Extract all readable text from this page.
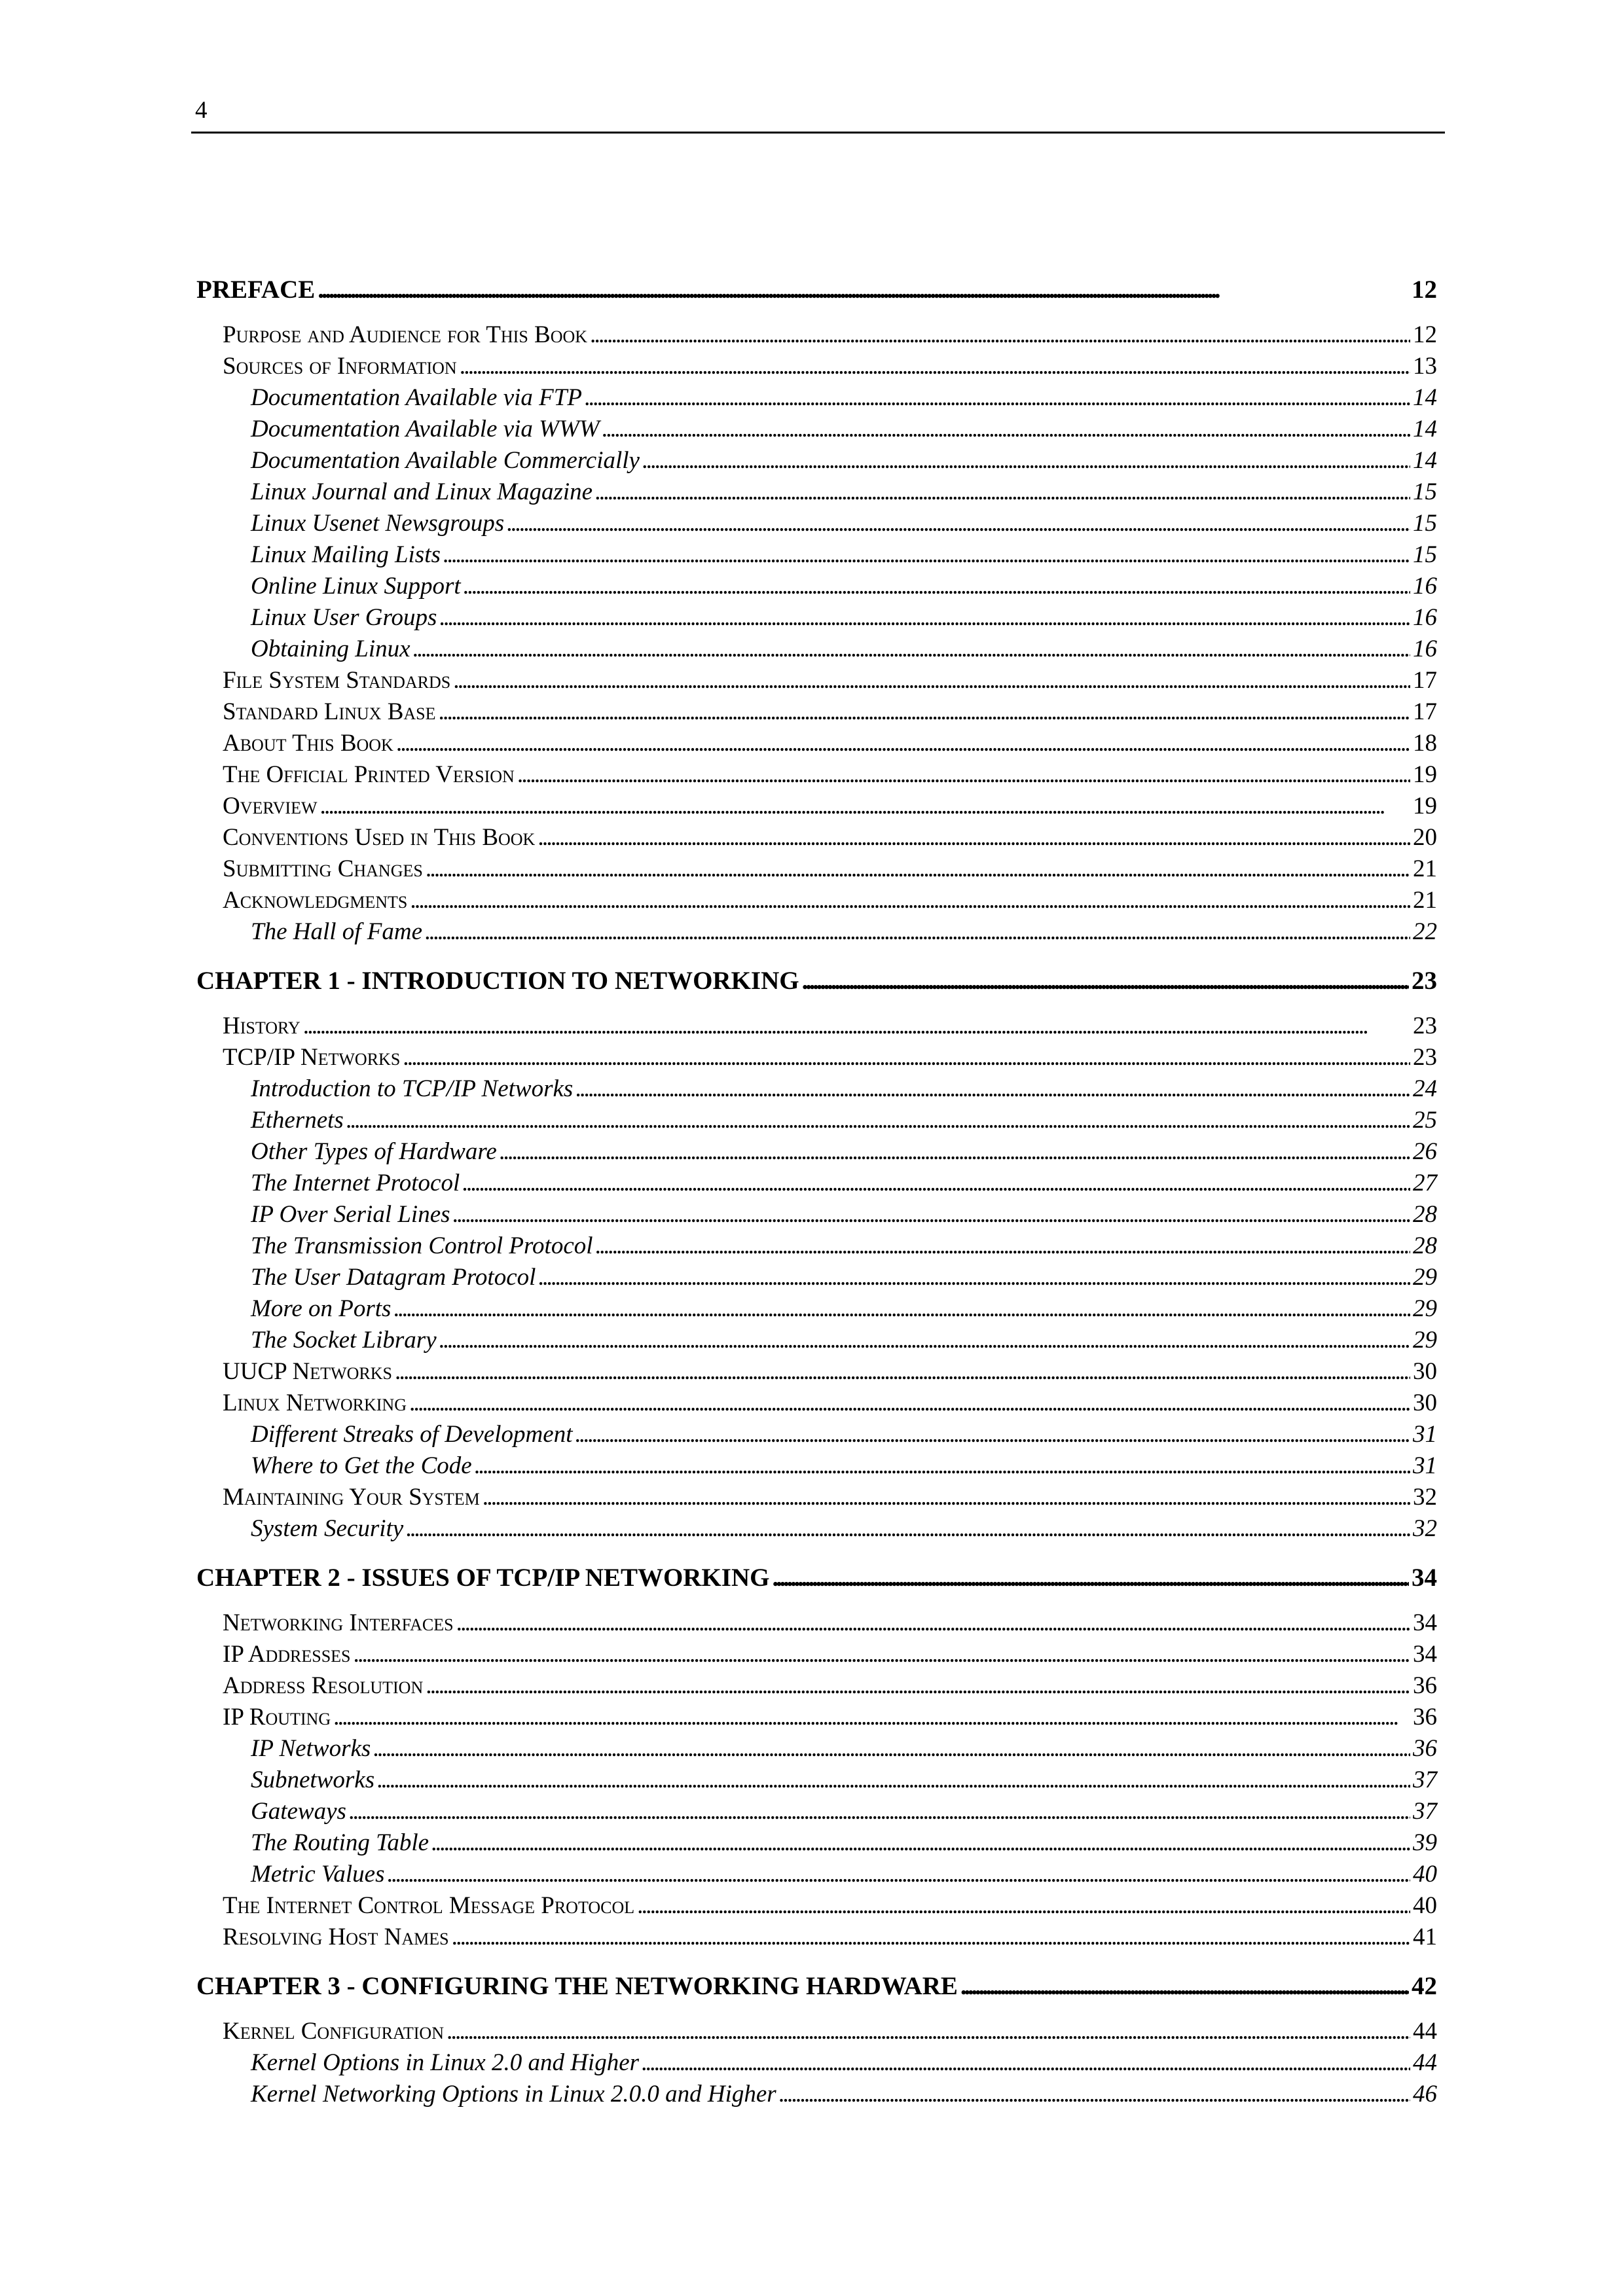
4
PREFACE . . .	12
Purpose and Audience for This Book . . .	12
Sources of Information . . .	13
Documentation Available via FTP . . .	14
Documentation Available via WWW . . .	14
Documentation Available Commercially . . .	14
Linux Journal and Linux Magazine . . .	15
Linux Usenet Newsgroups . . .	15
Linux Mailing Lists . . .	15
Online Linux Support . . .	16
Linux User Groups . . .	16
Obtaining Linux . . .	16
File System Standards . . .	17
Standard Linux Base . . .	17
About This Book . . .	18
The Official Printed Version . . .	19
Overview . . .	19
Conventions Used in This Book . . .	20
Submitting Changes . . .	21
Acknowledgments . . .	21
The Hall of Fame . . .	22
CHAPTER 1 - INTRODUCTION TO NETWORKING . . .	23
History . . .	23
TCP/IP Networks . . .	23
Introduction to TCP/IP Networks . . .	24
Ethernets . . .	25
Other Types of Hardware . . .	26
The Internet Protocol . . .	27
IP Over Serial Lines . . .	28
The Transmission Control Protocol . . .	28
The User Datagram Protocol . . .	29
More on Ports . . .	29
The Socket Library . . .	29
UUCP Networks . . .	30
Linux Networking . . .	30
Different Streaks of Development . . .	31
Where to Get the Code . . .	31
Maintaining Your System . . .	32
System Security . . .	32
CHAPTER 2 - ISSUES OF TCP/IP NETWORKING . . .	34
Networking Interfaces . . .	34
IP Addresses . . .	34
Address Resolution . . .	36
IP Routing . . .	36
IP Networks . . .	36
Subnetworks . . .	37
Gateways . . .	37
The Routing Table . . .	39
Metric Values . . .	40
The Internet Control Message Protocol . . .	40
Resolving Host Names . . .	41
CHAPTER 3 - CONFIGURING THE NETWORKING HARDWARE . . .	42
Kernel Configuration . . .	44
Kernel Options in Linux 2.0 and Higher . . .	44
Kernel Networking Options in Linux 2.0.0 and Higher . . .	46
